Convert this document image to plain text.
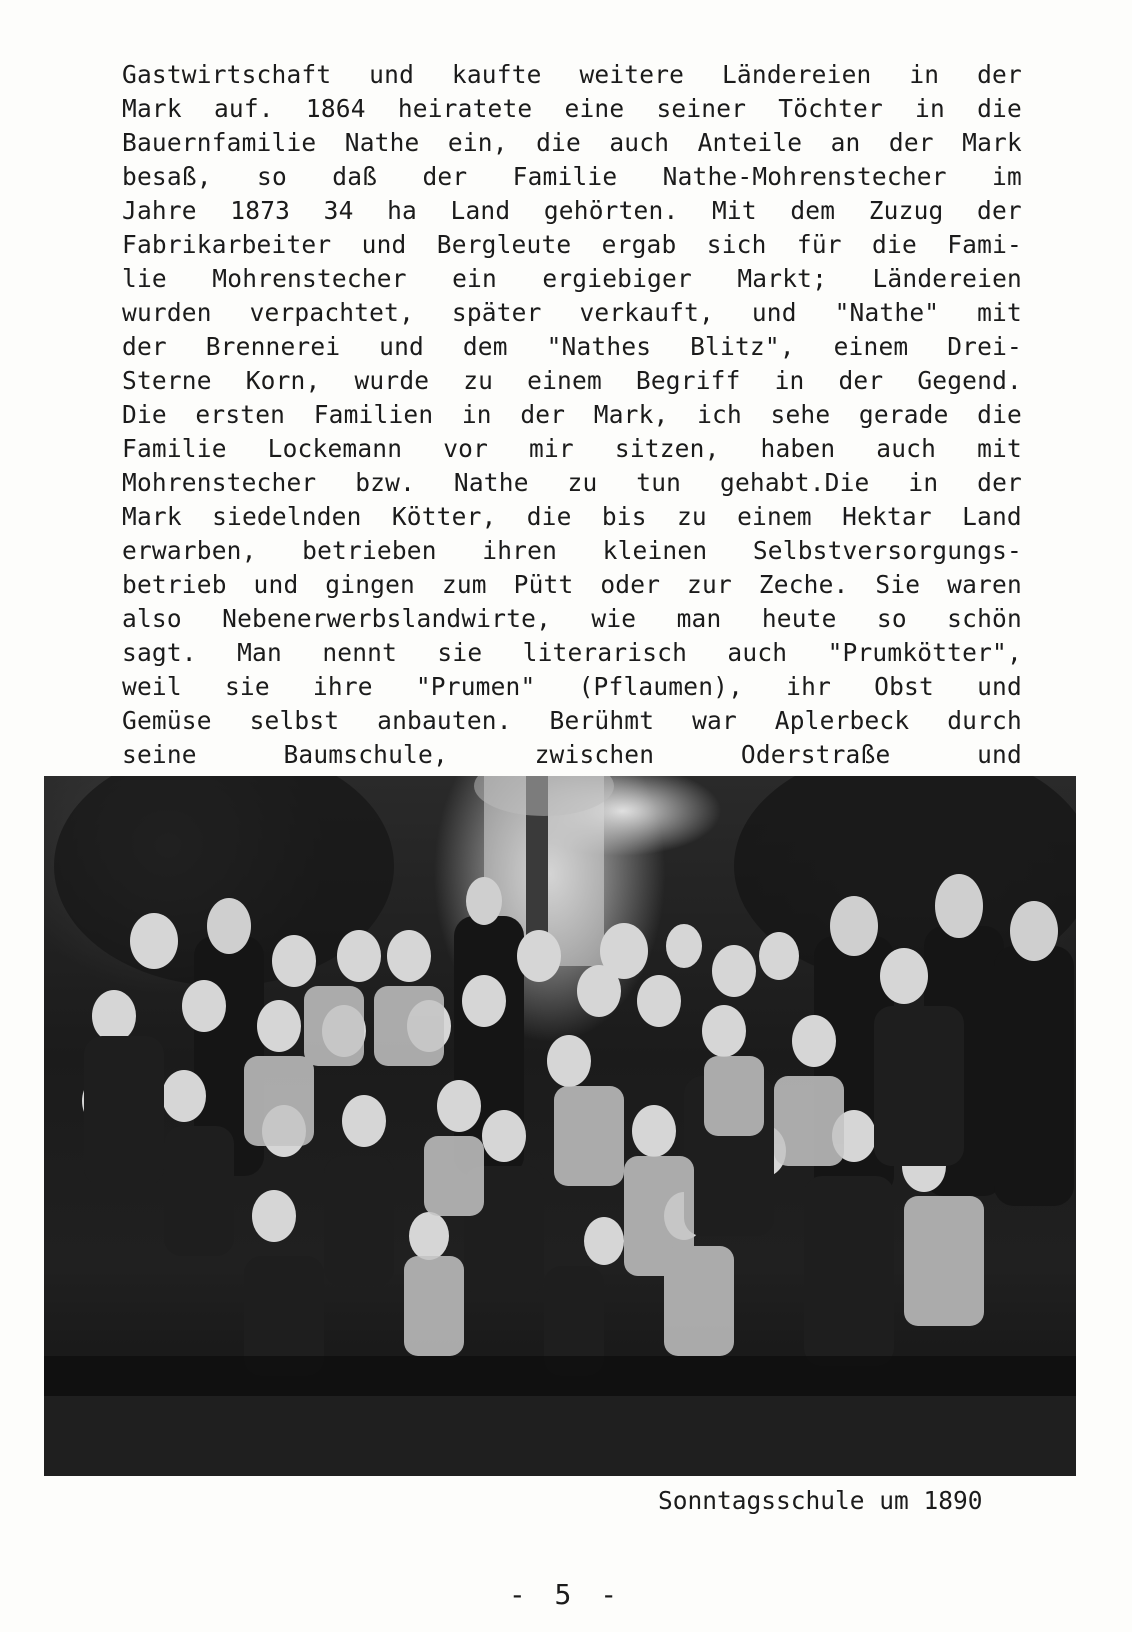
Gastwirtschaft und kaufte weitere Ländereien in der
Mark auf. 1864 heiratete eine seiner Töchter in die
Bauernfamilie Nathe ein, die auch Anteile an der Mark
besaß, so daß der Familie Nathe-Mohrenstecher im
Jahre 1873 34 ha Land gehörten. Mit dem Zuzug der
Fabrikarbeiter und Bergleute ergab sich für die Fami-
lie Mohrenstecher ein ergiebiger Markt; Ländereien
wurden verpachtet, später verkauft, und "Nathe" mit
der Brennerei und dem "Nathes Blitz", einem Drei-
Sterne Korn, wurde zu einem Begriff in der Gegend.
Die ersten Familien in der Mark, ich sehe gerade die
Familie Lockemann vor mir sitzen, haben auch mit
Mohrenstecher bzw. Nathe zu tun gehabt.Die in der
Mark siedelnden Kötter, die bis zu einem Hektar Land
erwarben, betrieben ihren kleinen Selbstversorgungs-
betrieb und gingen zum Pütt oder zur Zeche. Sie waren
also Nebenerwerbslandwirte, wie man heute so schön
sagt. Man nennt sie literarisch auch "Prumkötter",
weil sie ihre "Prumen" (Pflaumen), ihr Obst und
Gemüse selbst anbauten. Berühmt war Aplerbeck durch
seine	Baumschule,	zwischen	Oderstraße	und
Sonntagsschule um 1890
- 5 -
